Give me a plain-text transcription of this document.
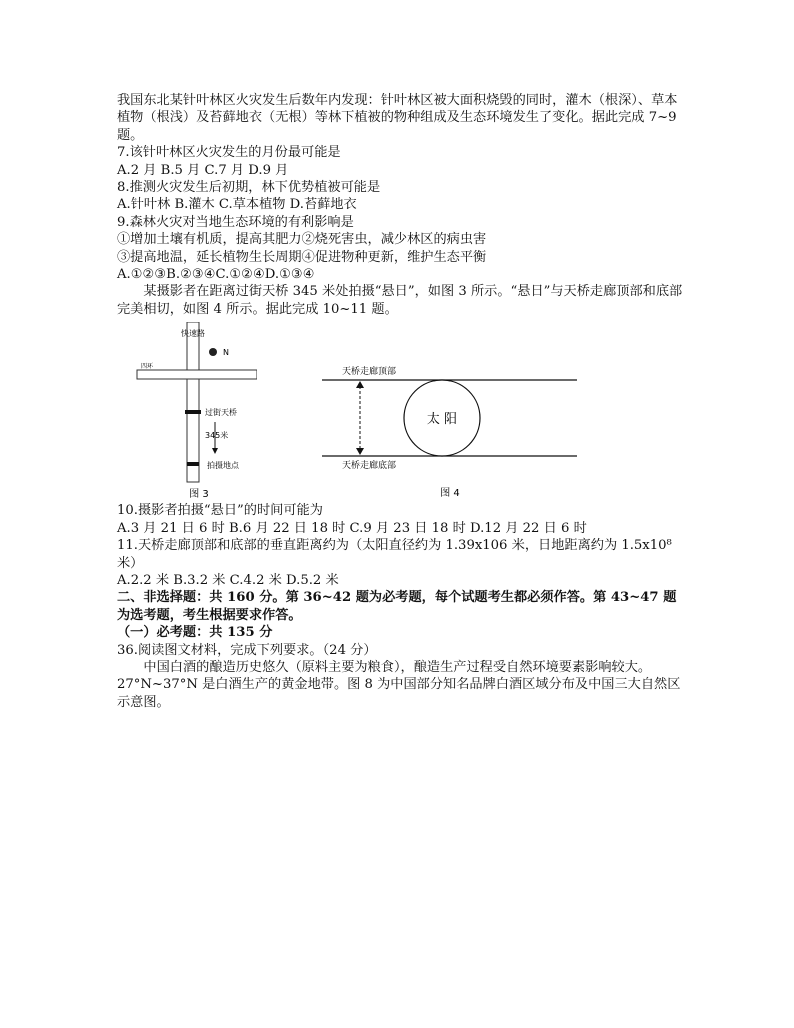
我国东北某针叶林区火灾发生后数年内发现：针叶林区被大面积烧毁的同时，灌木（根深）、草本植物（根浅）及苔藓地衣（无根）等林下植被的物种组成及生态环境发生了变化。据此完成 7~9 题。

7.该针叶林区火灾发生的月份最可能是

A.2 月 B.5 月 C.7 月 D.9 月

8.推测火灾发生后初期，林下优势植被可能是

A.针叶林 B.灌木 C.草本植物 D.苔藓地衣

9.森林火灾对当地生态环境的有利影响是

①增加土壤有机质，提高其肥力②烧死害虫，减少林区的病虫害

③提高地温，延长植物生长周期④促进物种更新，维护生态平衡

A.①②③B.②③④C.①②④D.①③④

某摄影者在距离过街天桥 345 米处拍摄“悬日”，如图 3 所示。“悬日”与天桥走廊顶部和底部完美相切，如图 4 所示。据此完成 10~11 题。

快速路
四环
N
过街天桥
345米
拍摄地点
图 3
天桥走廊顶部
天桥走廊底部
太 阳
图 4

10.摄影者拍摄“悬日”的时间可能为

A.3 月 21 日 6 时 B.6 月 22 日 18 时 C.9 月 23 日 18 时 D.12 月 22 日 6 时

11.天桥走廊顶部和底部的垂直距离约为（太阳直径约为 1.39x106 米，日地距离约为 1.5x10⁸ 米）

A.2.2 米 B.3.2 米 C.4.2 米 D.5.2 米

二、非选择题：共 160 分。第 36~42 题为必考题，每个试题考生都必须作答。第 43~47 题为选考题，考生根据要求作答。

（一）必考题：共 135 分

36.阅读图文材料，完成下列要求。（24 分）

中国白酒的酿造历史悠久（原料主要为粮食），酿造生产过程受自然环境要素影响较大。27°N~37°N 是白酒生产的黄金地带。图 8 为中国部分知名品牌白酒区域分布及中国三大自然区示意图。
